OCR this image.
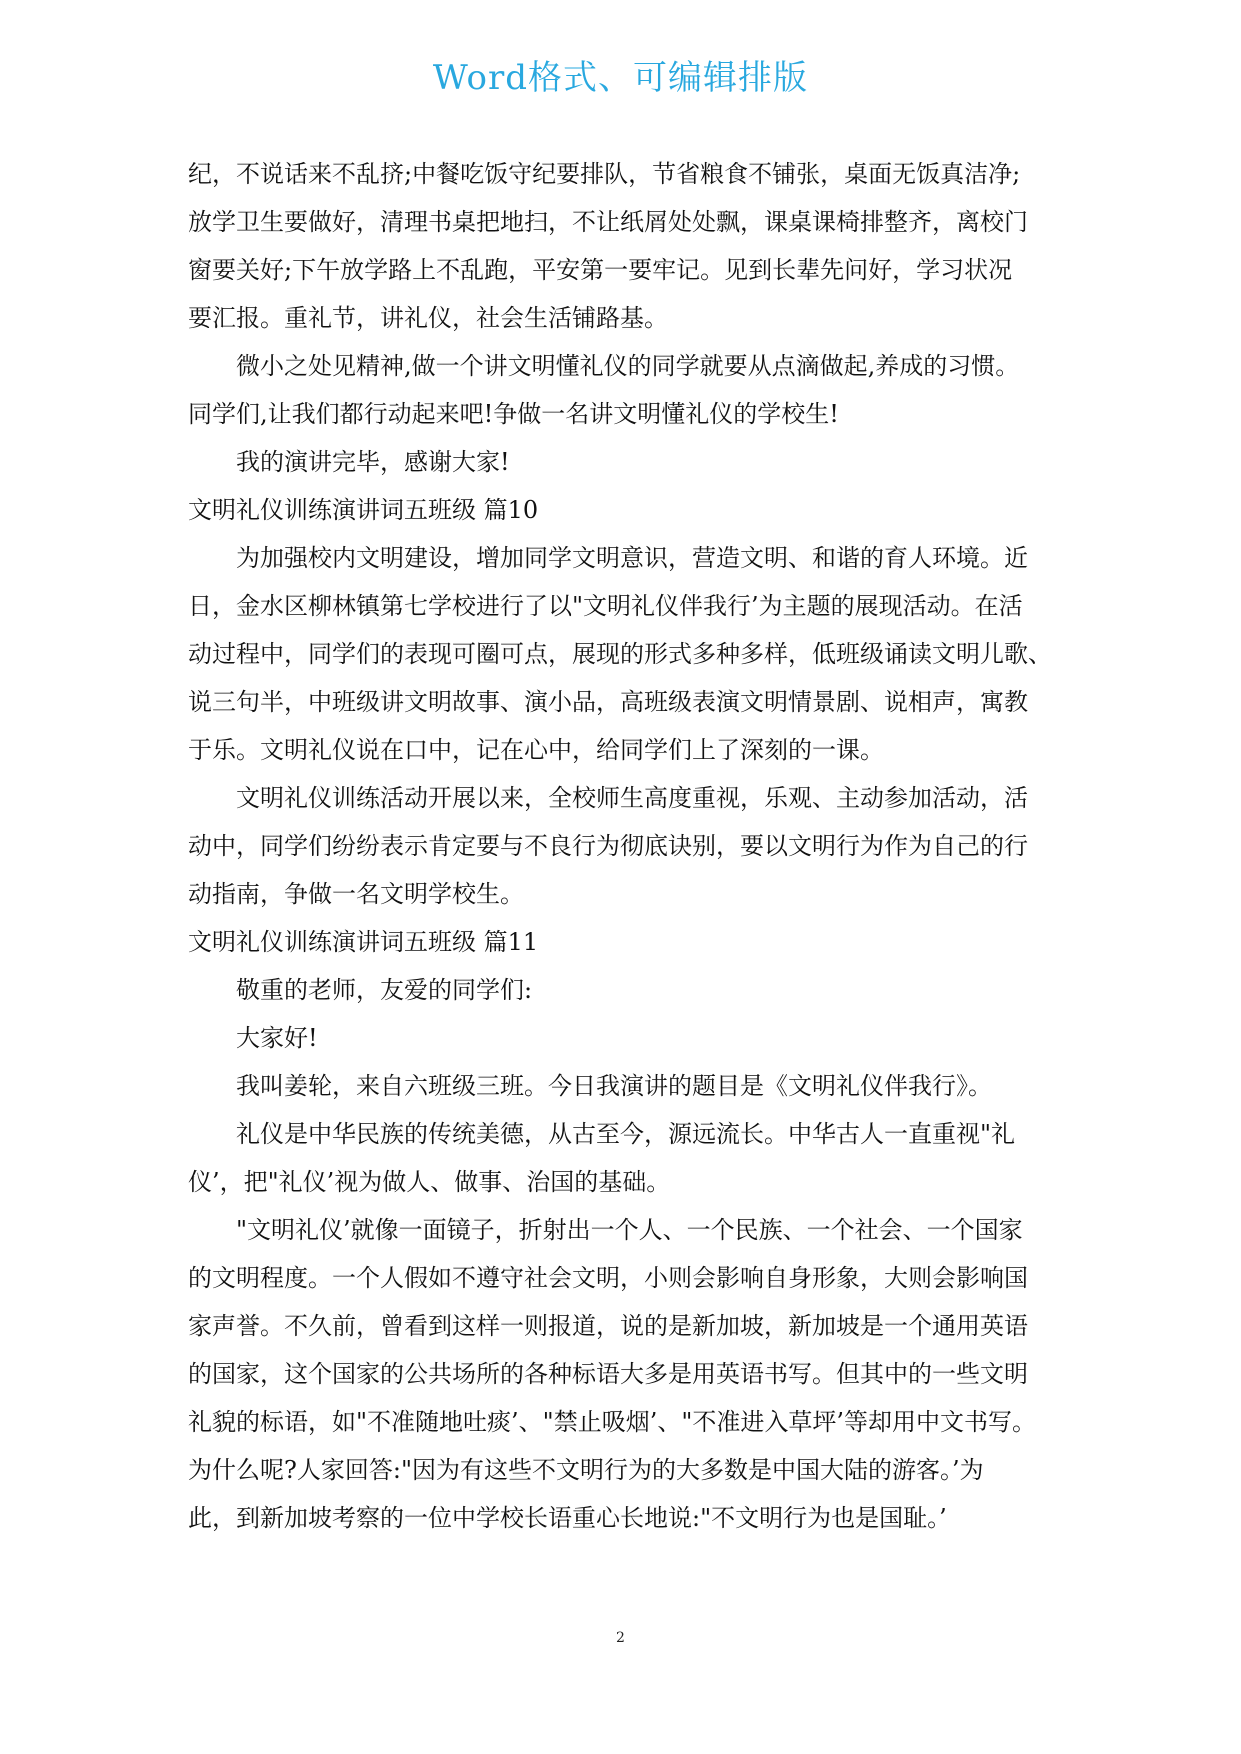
Word格式、可编辑排版
纪，不说话来不乱挤;中餐吃饭守纪要排队，节省粮食不铺张，桌面无饭真洁净;
放学卫生要做好，清理书桌把地扫，不让纸屑处处飘，课桌课椅排整齐，离校门
窗要关好;下午放学路上不乱跑，平安第一要牢记。见到长辈先问好，学习状况
要汇报。重礼节，讲礼仪，社会生活铺路基。
微小之处见精神,做一个讲文明懂礼仪的同学就要从点滴做起,养成的习惯。
同学们,让我们都行动起来吧!争做一名讲文明懂礼仪的学校生!
我的演讲完毕，感谢大家!
文明礼仪训练演讲词五班级 篇10
为加强校内文明建设，增加同学文明意识，营造文明、和谐的育人环境。近
日，金水区柳林镇第七学校进行了以"文明礼仪伴我行’为主题的展现活动。在活
动过程中，同学们的表现可圈可点，展现的形式多种多样，低班级诵读文明儿歌、
说三句半，中班级讲文明故事、演小品，高班级表演文明情景剧、说相声，寓教
于乐。文明礼仪说在口中，记在心中，给同学们上了深刻的一课。
文明礼仪训练活动开展以来，全校师生高度重视，乐观、主动参加活动，活
动中，同学们纷纷表示肯定要与不良行为彻底诀别，要以文明行为作为自己的行
动指南，争做一名文明学校生。
文明礼仪训练演讲词五班级 篇11
敬重的老师，友爱的同学们:
大家好!
我叫姜轮，来自六班级三班。今日我演讲的题目是《文明礼仪伴我行》。
礼仪是中华民族的传统美德，从古至今，源远流长。中华古人一直重视"礼
仪’，把"礼仪’视为做人、做事、治国的基础。
"文明礼仪’就像一面镜子，折射出一个人、一个民族、一个社会、一个国家
的文明程度。一个人假如不遵守社会文明，小则会影响自身形象，大则会影响国
家声誉。不久前，曾看到这样一则报道，说的是新加坡，新加坡是一个通用英语
的国家，这个国家的公共场所的各种标语大多是用英语书写。但其中的一些文明
礼貌的标语，如"不准随地吐痰’、"禁止吸烟’、"不准进入草坪’等却用中文书写。
为什么呢?人家回答:"因为有这些不文明行为的大多数是中国大陆的游客。’为
此，到新加坡考察的一位中学校长语重心长地说:"不文明行为也是国耻。’
2
